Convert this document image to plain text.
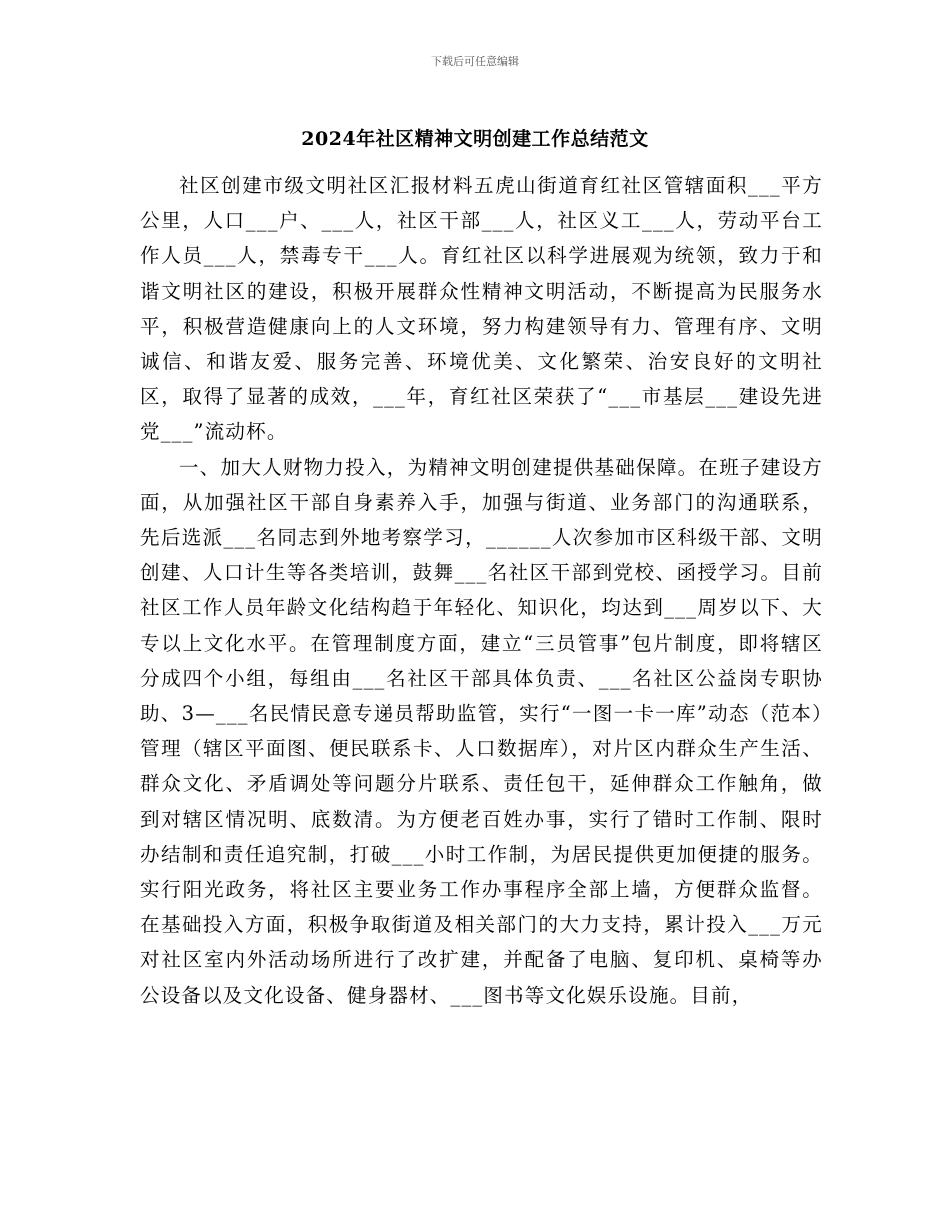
下载后可任意编辑
2024年社区精神文明创建工作总结范文

社区创建市级文明社区汇报材料五虎山街道育红社区管辖面积___平方公里，人口___户、___人，社区干部___人，社区义工___人，劳动平台工作人员___人，禁毒专干___人。育红社区以科学进展观为统领，致力于和谐文明社区的建设，积极开展群众性精神文明活动，不断提高为民服务水平，积极营造健康向上的人文环境，努力构建领导有力、管理有序、文明诚信、和谐友爱、服务完善、环境优美、文化繁荣、治安良好的文明社区，取得了显著的成效，___年，育红社区荣获了“___市基层___建设先进党___”流动杯。

一、加大人财物力投入，为精神文明创建提供基础保障。在班子建设方面，从加强社区干部自身素养入手，加强与街道、业务部门的沟通联系，先后选派___名同志到外地考察学习，______人次参加市区科级干部、文明创建、人口计生等各类培训，鼓舞___名社区干部到党校、函授学习。目前社区工作人员年龄文化结构趋于年轻化、知识化，均达到___周岁以下、大专以上文化水平。在管理制度方面，建立“三员管事”包片制度，即将辖区分成四个小组，每组由___名社区干部具体负责、___名社区公益岗专职协助、3—___名民情民意专递员帮助监管，实行“一图一卡一库”动态（范本）管理（辖区平面图、便民联系卡、人口数据库），对片区内群众生产生活、群众文化、矛盾调处等问题分片联系、责任包干，延伸群众工作触角，做到对辖区情况明、底数清。为方便老百姓办事，实行了错时工作制、限时办结制和责任追究制，打破___小时工作制，为居民提供更加便捷的服务。实行阳光政务，将社区主要业务工作办事程序全部上墙，方便群众监督。在基础投入方面，积极争取街道及相关部门的大力支持，累计投入___万元对社区室内外活动场所进行了改扩建，并配备了电脑、复印机、桌椅等办公设备以及文化设备、健身器材、___图书等文化娱乐设施。目前，
